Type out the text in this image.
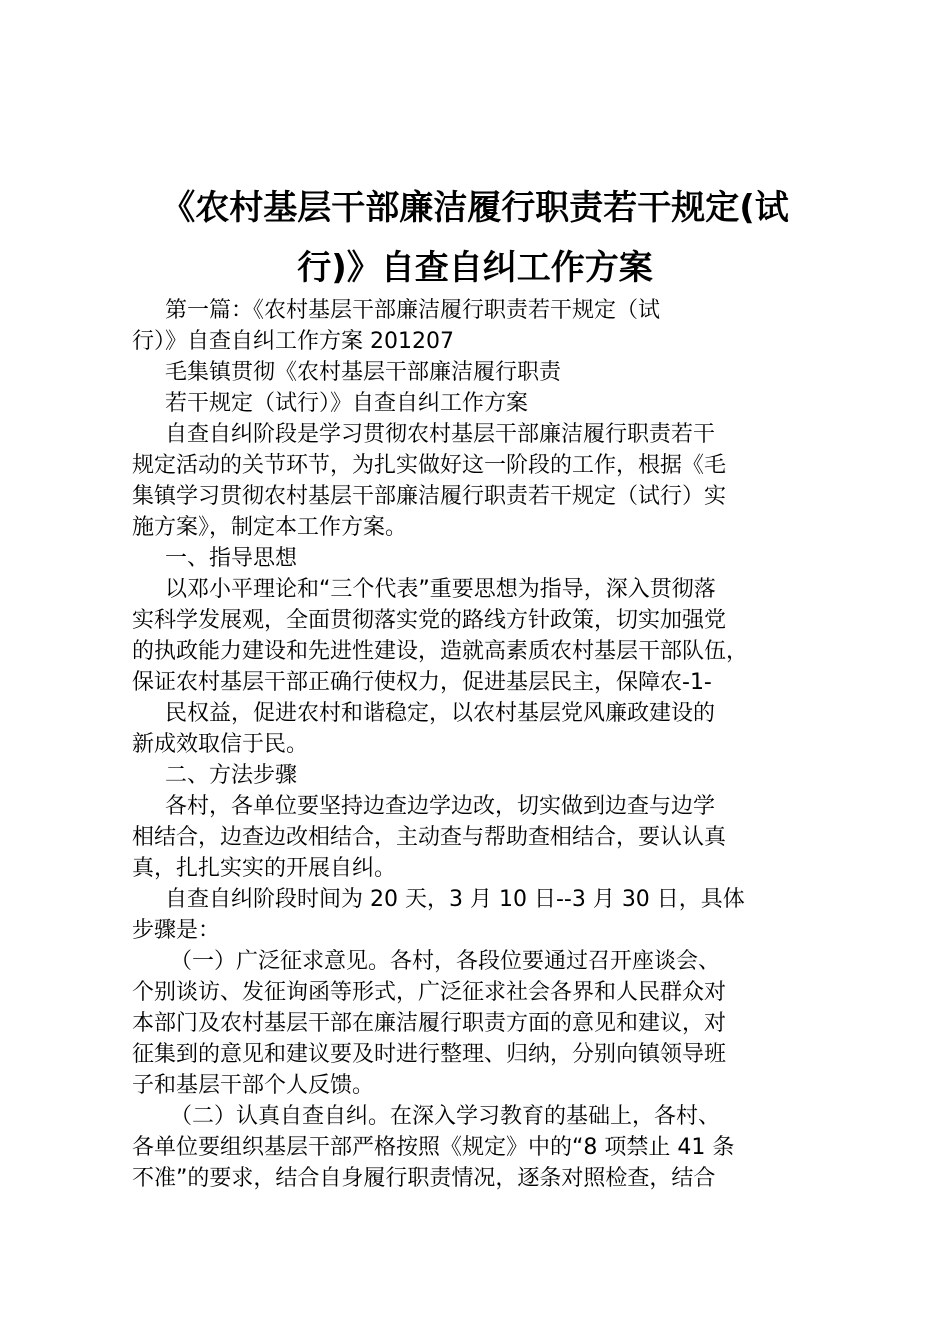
《农村基层干部廉洁履行职责若干规定(试
行)》自查自纠工作方案
第一篇：《农村基层干部廉洁履行职责若干规定（试
行）》自查自纠工作方案 201207
毛集镇贯彻《农村基层干部廉洁履行职责
若干规定（试行）》自查自纠工作方案
自查自纠阶段是学习贯彻农村基层干部廉洁履行职责若干
规定活动的关节环节，为扎实做好这一阶段的工作，根据《毛
集镇学习贯彻农村基层干部廉洁履行职责若干规定（试行）实
施方案》，制定本工作方案。
一、指导思想
以邓小平理论和“三个代表”重要思想为指导，深入贯彻落
实科学发展观，全面贯彻落实党的路线方针政策，切实加强党
的执政能力建设和先进性建设，造就高素质农村基层干部队伍，
保证农村基层干部正确行使权力，促进基层民主，保障农-1-
民权益，促进农村和谐稳定，以农村基层党风廉政建设的
新成效取信于民。
二、方法步骤
各村，各单位要坚持边查边学边改，切实做到边查与边学
相结合，边查边改相结合，主动查与帮助查相结合，要认认真
真，扎扎实实的开展自纠。
自查自纠阶段时间为 20 天，3 月 10 日--3 月 30 日，具体
步骤是：
（一）广泛征求意见。各村，各段位要通过召开座谈会、
个别谈访、发征询函等形式，广泛征求社会各界和人民群众对
本部门及农村基层干部在廉洁履行职责方面的意见和建议，对
征集到的意见和建议要及时进行整理、归纳，分别向镇领导班
子和基层干部个人反馈。
（二）认真自查自纠。在深入学习教育的基础上，各村、
各单位要组织基层干部严格按照《规定》中的“8 项禁止 41 条
不准”的要求，结合自身履行职责情况，逐条对照检查，结合
